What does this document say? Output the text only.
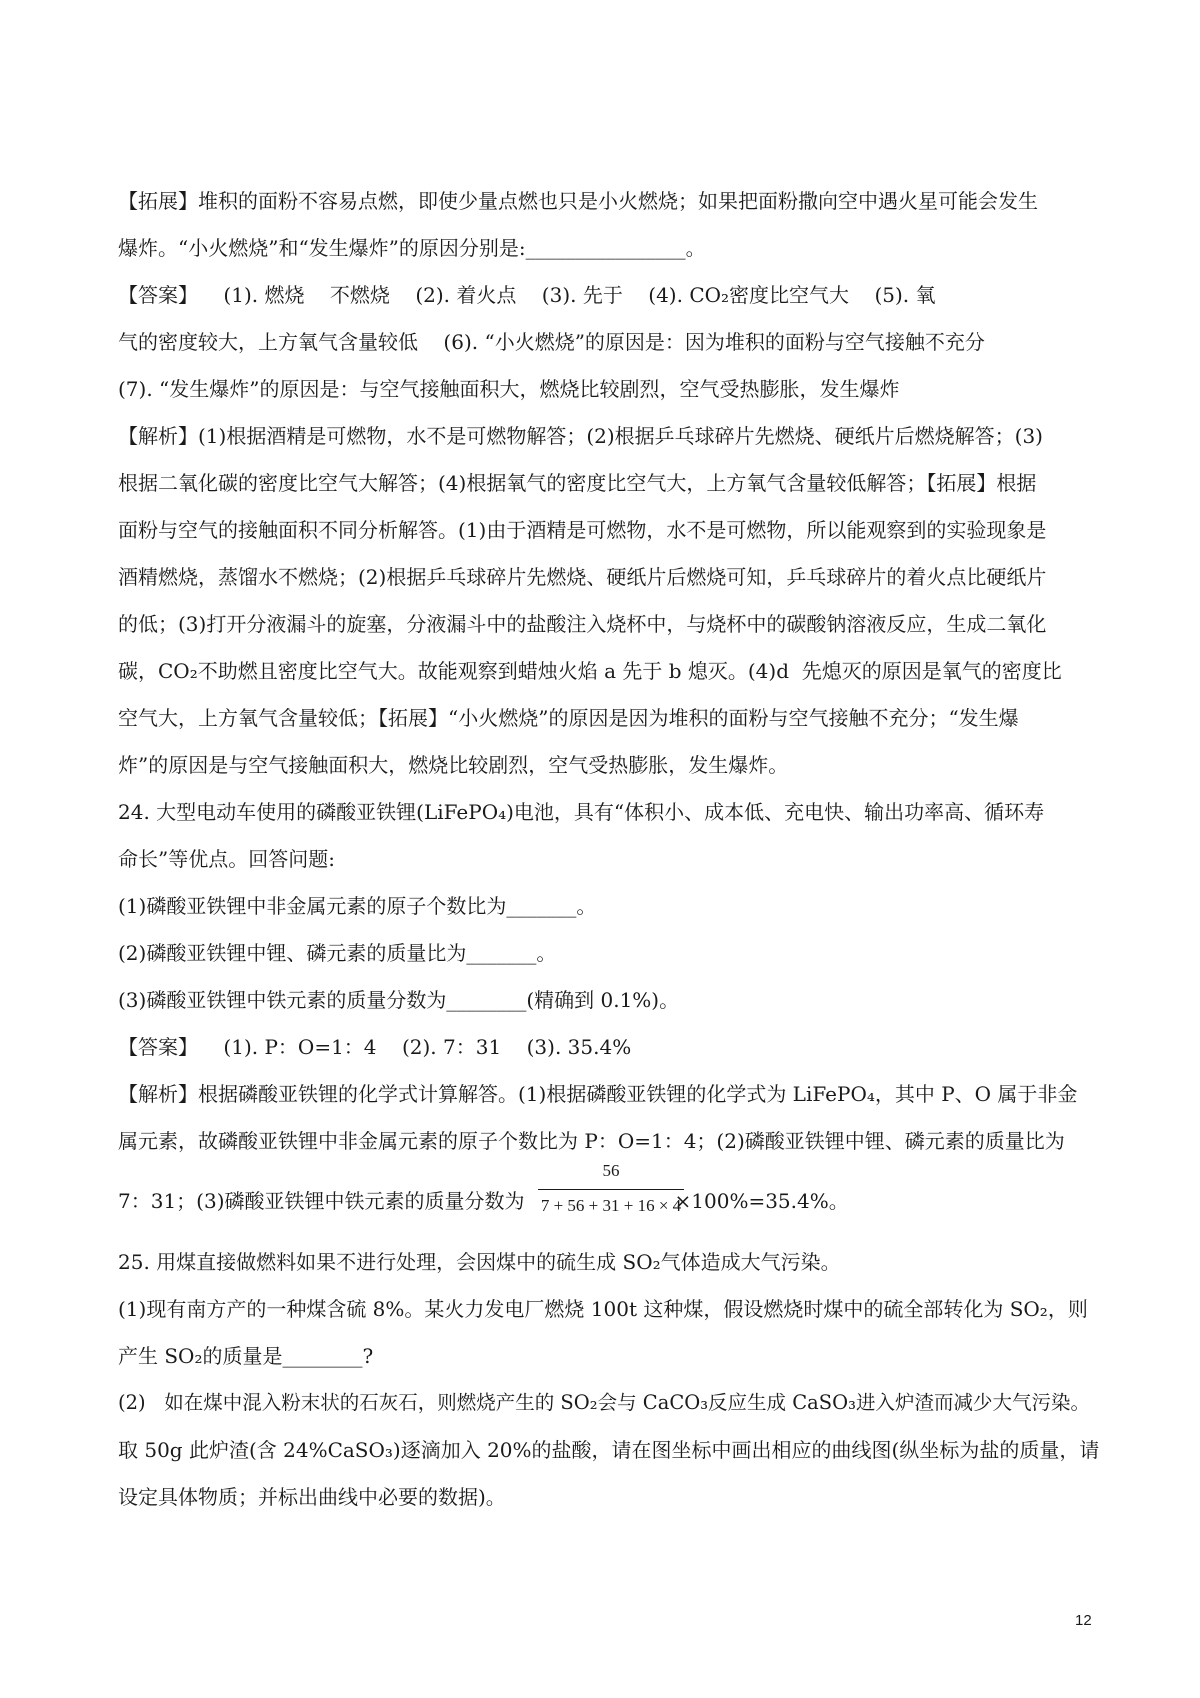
【拓展】堆积的面粉不容易点燃，即使少量点燃也只是小火燃烧；如果把面粉撒向空中遇火星可能会发生
爆炸。“小火燃烧”和“发生爆炸”的原因分别是:________________。
【答案】    (1). 燃烧    不燃烧    (2). 着火点    (3). 先于    (4). CO₂密度比空气大    (5). 氧
气的密度较大，上方氧气含量较低    (6). “小火燃烧”的原因是：因为堆积的面粉与空气接触不充分
(7). “发生爆炸”的原因是：与空气接触面积大，燃烧比较剧烈，空气受热膨胀，发生爆炸
【解析】(1)根据酒精是可燃物，水不是可燃物解答；(2)根据乒乓球碎片先燃烧、硬纸片后燃烧解答；(3)
根据二氧化碳的密度比空气大解答；(4)根据氧气的密度比空气大，上方氧气含量较低解答；【拓展】根据
面粉与空气的接触面积不同分析解答。(1)由于酒精是可燃物，水不是可燃物，所以能观察到的实验现象是
酒精燃烧，蒸馏水不燃烧；(2)根据乒乓球碎片先燃烧、硬纸片后燃烧可知，乒乓球碎片的着火点比硬纸片
的低；(3)打开分液漏斗的旋塞，分液漏斗中的盐酸注入烧杯中，与烧杯中的碳酸钠溶液反应，生成二氧化
碳，CO₂不助燃且密度比空气大。故能观察到蜡烛火焰 a 先于 b 熄灭。(4)d  先熄灭的原因是氧气的密度比
空气大，上方氧气含量较低；【拓展】“小火燃烧”的原因是因为堆积的面粉与空气接触不充分；“发生爆
炸”的原因是与空气接触面积大，燃烧比较剧烈，空气受热膨胀，发生爆炸。
24. 大型电动车使用的磷酸亚铁锂(LiFePO₄)电池，具有“体积小、成本低、充电快、输出功率高、循环寿
命长”等优点。回答问题:
(1)磷酸亚铁锂中非金属元素的原子个数比为_______。
(2)磷酸亚铁锂中锂、磷元素的质量比为_______。
(3)磷酸亚铁锂中铁元素的质量分数为________(精确到 0.1%)。
【答案】    (1). P：O=1：4    (2). 7：31    (3). 35.4%
【解析】根据磷酸亚铁锂的化学式计算解答。(1)根据磷酸亚铁锂的化学式为 LiFePO₄，其中 P、O 属于非金
属元素，故磷酸亚铁锂中非金属元素的原子个数比为 P：O=1：4；(2)磷酸亚铁锂中锂、磷元素的质量比为
7：31；(3)磷酸亚铁锂中铁元素的质量分数为	×100%=35.4%。
56
7 + 56 + 31 + 16 × 4
25. 用煤直接做燃料如果不进行处理，会因煤中的硫生成 SO₂气体造成大气污染。
(1)现有南方产的一种煤含硫 8%。某火力发电厂燃烧 100t 这种煤，假设燃烧时煤中的硫全部转化为 SO₂，则
产生 SO₂的质量是________?
(2)   如在煤中混入粉末状的石灰石，则燃烧产生的 SO₂会与 CaCO₃反应生成 CaSO₃进入炉渣而减少大气污染。
取 50g 此炉渣(含 24%CaSO₃)逐滴加入 20%的盐酸，请在图坐标中画出相应的曲线图(纵坐标为盐的质量，请
设定具体物质；并标出曲线中必要的数据)。
12
